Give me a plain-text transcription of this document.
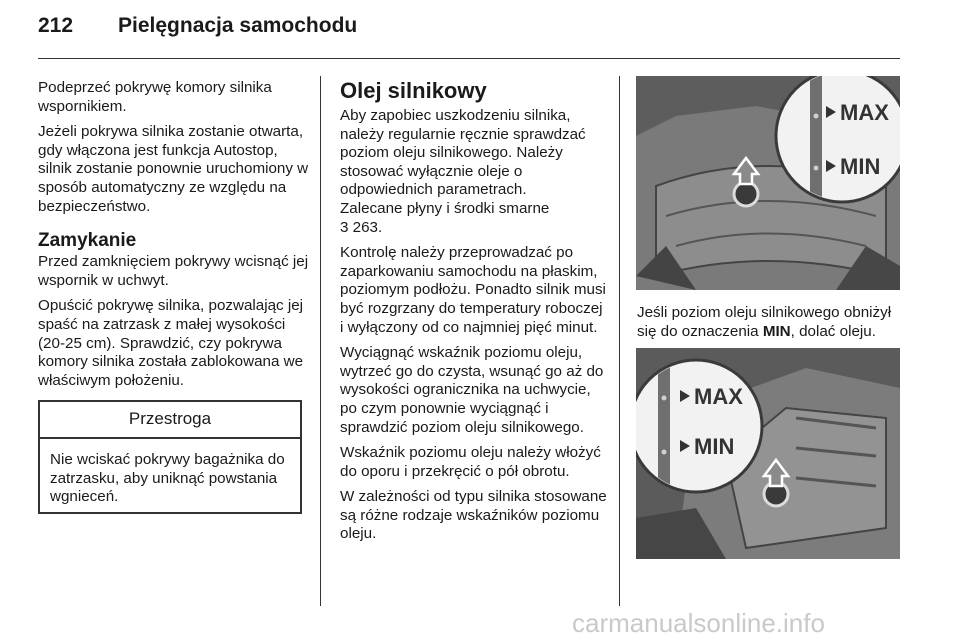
212 Pielęgnacja samochodu

Podeprzeć pokrywę komory silnika wspornikiem.

Jeżeli pokrywa silnika zostanie otwarta, gdy włączona jest funkcja Autostop, silnik zostanie ponownie uruchomiony w sposób automatyczny ze względu na bezpieczeństwo.

Zamykanie

Przed zamknięciem pokrywy wcisnąć jej wspornik w uchwyt.

Opuścić pokrywę silnika, pozwalając jej spaść na zatrzask z małej wysokości (20-25 cm). Sprawdzić, czy pokrywa komory silnika została zablokowana we właściwym położeniu.

Przestroga
Nie wciskać pokrywy bagażnika do zatrzasku, aby uniknąć powstania wgnieceń.
Olej silnikowy

Aby zapobiec uszkodzeniu silnika, należy regularnie ręcznie sprawdzać poziom oleju silnikowego. Należy stosować wyłącznie oleje o odpowiednich parametrach.

Zalecane płyny i środki smarne

3 263.

Kontrolę należy przeprowadzać po zaparkowaniu samochodu na płaskim, poziomym podłożu. Ponadto silnik musi być rozgrzany do temperatury roboczej i wyłączony od co najmniej pięć minut.

Wyciągnąć wskaźnik poziomu oleju, wytrzeć go do czysta, wsunąć go aż do wysokości ogranicznika na uchwycie, po czym ponownie wyciągnąć i sprawdzić poziom oleju silnikowego.

Wskaźnik poziomu oleju należy włożyć do oporu i przekręcić o pół obrotu.

W zależności od typu silnika stosowane są różne rodzaje wskaźników poziomu oleju.

MAX
MIN

Jeśli poziom oleju silnikowego obniżył się do oznaczenia MIN, dolać oleju.

MAX
MIN
carmanualsonline.info
